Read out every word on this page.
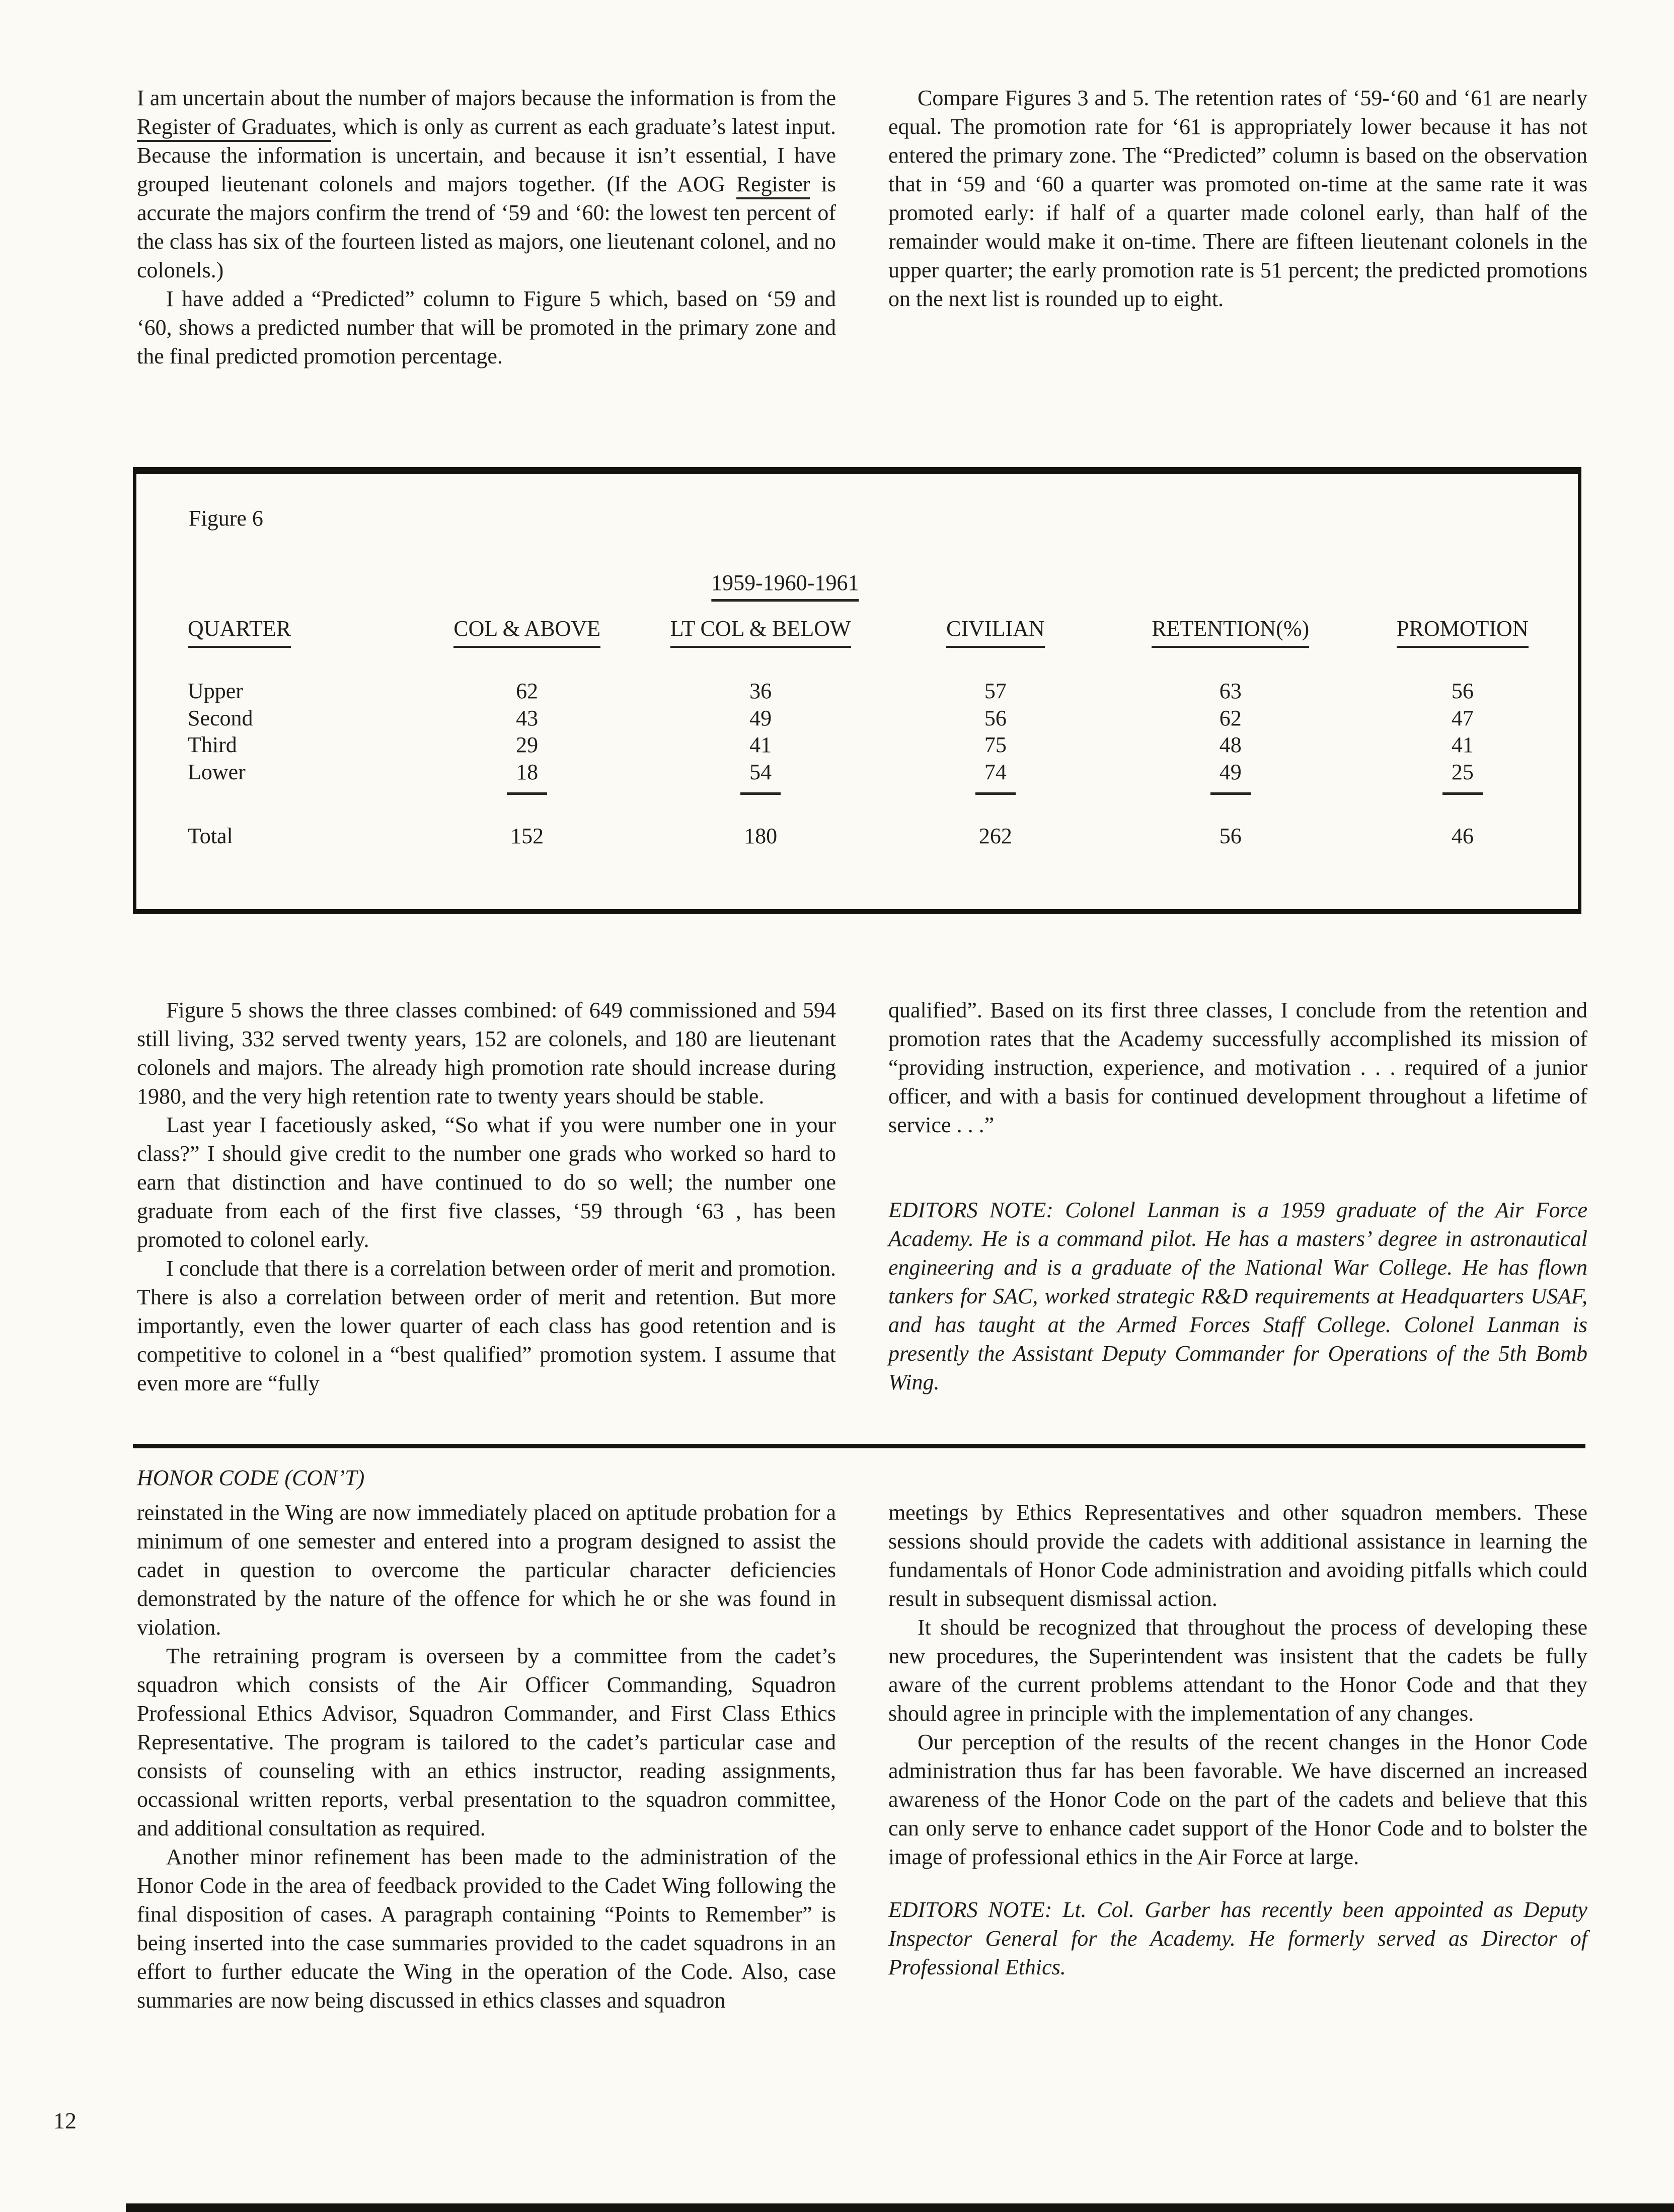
I am uncertain about the number of majors because the information is from the Register of Graduates, which is only as current as each graduate’s latest input. Because the information is uncertain, and because it isn’t essential, I have grouped lieutenant colonels and majors together. (If the AOG Register is accurate the majors confirm the trend of ‘59 and ‘60: the lowest ten percent of the class has six of the fourteen listed as majors, one lieutenant colonel, and no colonels.)

I have added a “Predicted” column to Figure 5 which, based on ‘59 and ‘60, shows a predicted number that will be promoted in the primary zone and the final predicted promotion percentage.

Compare Figures 3 and 5. The retention rates of ‘59-‘60 and ‘61 are nearly equal. The promotion rate for ‘61 is appropriately lower because it has not entered the primary zone. The “Predicted” column is based on the observation that in ‘59 and ‘60 a quarter was promoted on-time at the same rate it was promoted early: if half of a quarter made colonel early, than half of the remainder would make it on-time. There are fifteen lieutenant colonels in the upper quarter; the early promotion rate is 51 percent; the predicted promotions on the next list is rounded up to eight.

Figure 6
1959-1960-1961
QUARTER	COL & ABOVE	LT COL & BELOW	CIVILIAN	RETENTION(%)	PROMOTION
Upper	62	36	57	63	56
Second	43	49	56	62	47
Third	29	41	75	48	41
Lower	18	54	74	49	25
Total	152	180	262	56	46

Figure 5 shows the three classes combined: of 649 commissioned and 594 still living, 332 served twenty years, 152 are colonels, and 180 are lieutenant colonels and majors. The already high promotion rate should increase during 1980, and the very high retention rate to twenty years should be stable.

Last year I facetiously asked, “So what if you were number one in your class?” I should give credit to the number one grads who worked so hard to earn that distinction and have continued to do so well; the number one graduate from each of the first five classes, ‘59 through ‘63 , has been promoted to colonel early.

I conclude that there is a correlation between order of merit and promotion. There is also a correlation between order of merit and retention. But more importantly, even the lower quarter of each class has good retention and is competitive to colonel in a “best qualified” promotion system. I assume that even more are “fully

qualified”. Based on its first three classes, I conclude from the retention and promotion rates that the Academy successfully accomplished its mission of “providing instruction, experience, and motivation . . . required of a junior officer, and with a basis for continued development throughout a lifetime of service . . .”

EDITORS NOTE: Colonel Lanman is a 1959 graduate of the Air Force Academy. He is a command pilot. He has a masters’ degree in astronautical engineering and is a graduate of the National War College. He has flown tankers for SAC, worked strategic R&D requirements at Headquarters USAF, and has taught at the Armed Forces Staff College. Colonel Lanman is presently the Assistant Deputy Commander for Operations of the 5th Bomb Wing.

HONOR CODE (CON’T)

reinstated in the Wing are now immediately placed on aptitude probation for a minimum of one semester and entered into a program designed to assist the cadet in question to overcome the particular character deficiencies demonstrated by the nature of the offence for which he or she was found in violation.

The retraining program is overseen by a committee from the cadet’s squadron which consists of the Air Officer Commanding, Squadron Professional Ethics Advisor, Squadron Commander, and First Class Ethics Representative. The program is tailored to the cadet’s particular case and consists of counseling with an ethics instructor, reading assignments, occassional written reports, verbal presentation to the squadron committee, and additional consultation as required.

Another minor refinement has been made to the administration of the Honor Code in the area of feedback provided to the Cadet Wing following the final disposition of cases. A paragraph containing “Points to Remember” is being inserted into the case summaries provided to the cadet squadrons in an effort to further educate the Wing in the operation of the Code. Also, case summaries are now being discussed in ethics classes and squadron

meetings by Ethics Representatives and other squadron members. These sessions should provide the cadets with additional assistance in learning the fundamentals of Honor Code administration and avoiding pitfalls which could result in subsequent dismissal action.

It should be recognized that throughout the process of developing these new procedures, the Superintendent was insistent that the cadets be fully aware of the current problems attendant to the Honor Code and that they should agree in principle with the implementation of any changes.

Our perception of the results of the recent changes in the Honor Code administration thus far has been favorable. We have discerned an increased awareness of the Honor Code on the part of the cadets and believe that this can only serve to enhance cadet support of the Honor Code and to bolster the image of professional ethics in the Air Force at large.

EDITORS NOTE: Lt. Col. Garber has recently been appointed as Deputy Inspector General for the Academy. He formerly served as Director of Professional Ethics.

12
